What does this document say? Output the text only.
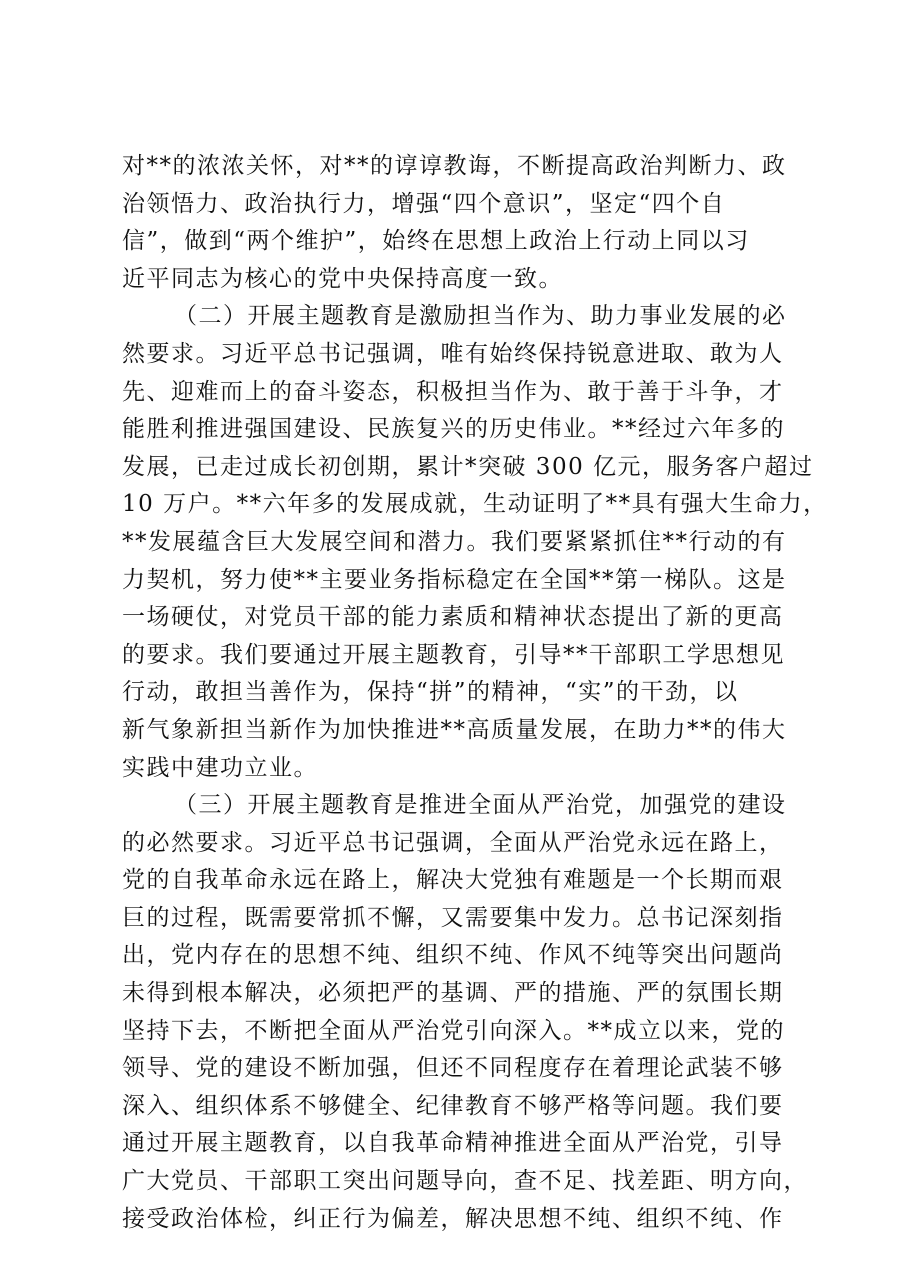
对**的浓浓关怀，对**的谆谆教诲，不断提高政治判断力、政
治领悟力、政治执行力，增强“四个意识”，坚定“四个自
信”，做到“两个维护”，始终在思想上政治上行动上同以习
近平同志为核心的党中央保持高度一致。
（二）开展主题教育是激励担当作为、助力事业发展的必
然要求。习近平总书记强调，唯有始终保持锐意进取、敢为人
先、迎难而上的奋斗姿态，积极担当作为、敢于善于斗争，才
能胜利推进强国建设、民族复兴的历史伟业。**经过六年多的
发展，已走过成长初创期，累计*突破 300 亿元，服务客户超过
10 万户。**六年多的发展成就，生动证明了**具有强大生命力，
**发展蕴含巨大发展空间和潜力。我们要紧紧抓住**行动的有
力契机，努力使**主要业务指标稳定在全国**第一梯队。这是
一场硬仗，对党员干部的能力素质和精神状态提出了新的更高
的要求。我们要通过开展主题教育，引导**干部职工学思想见
行动，敢担当善作为，保持“拼”的精神，“实”的干劲，以
新气象新担当新作为加快推进**高质量发展，在助力**的伟大
实践中建功立业。
（三）开展主题教育是推进全面从严治党，加强党的建设
的必然要求。习近平总书记强调，全面从严治党永远在路上，
党的自我革命永远在路上，解决大党独有难题是一个长期而艰
巨的过程，既需要常抓不懈，又需要集中发力。总书记深刻指
出，党内存在的思想不纯、组织不纯、作风不纯等突出问题尚
未得到根本解决，必须把严的基调、严的措施、严的氛围长期
坚持下去，不断把全面从严治党引向深入。**成立以来，党的
领导、党的建设不断加强，但还不同程度存在着理论武装不够
深入、组织体系不够健全、纪律教育不够严格等问题。我们要
通过开展主题教育，以自我革命精神推进全面从严治党，引导
广大党员、干部职工突出问题导向，查不足、找差距、明方向，
接受政治体检，纠正行为偏差，解决思想不纯、组织不纯、作
